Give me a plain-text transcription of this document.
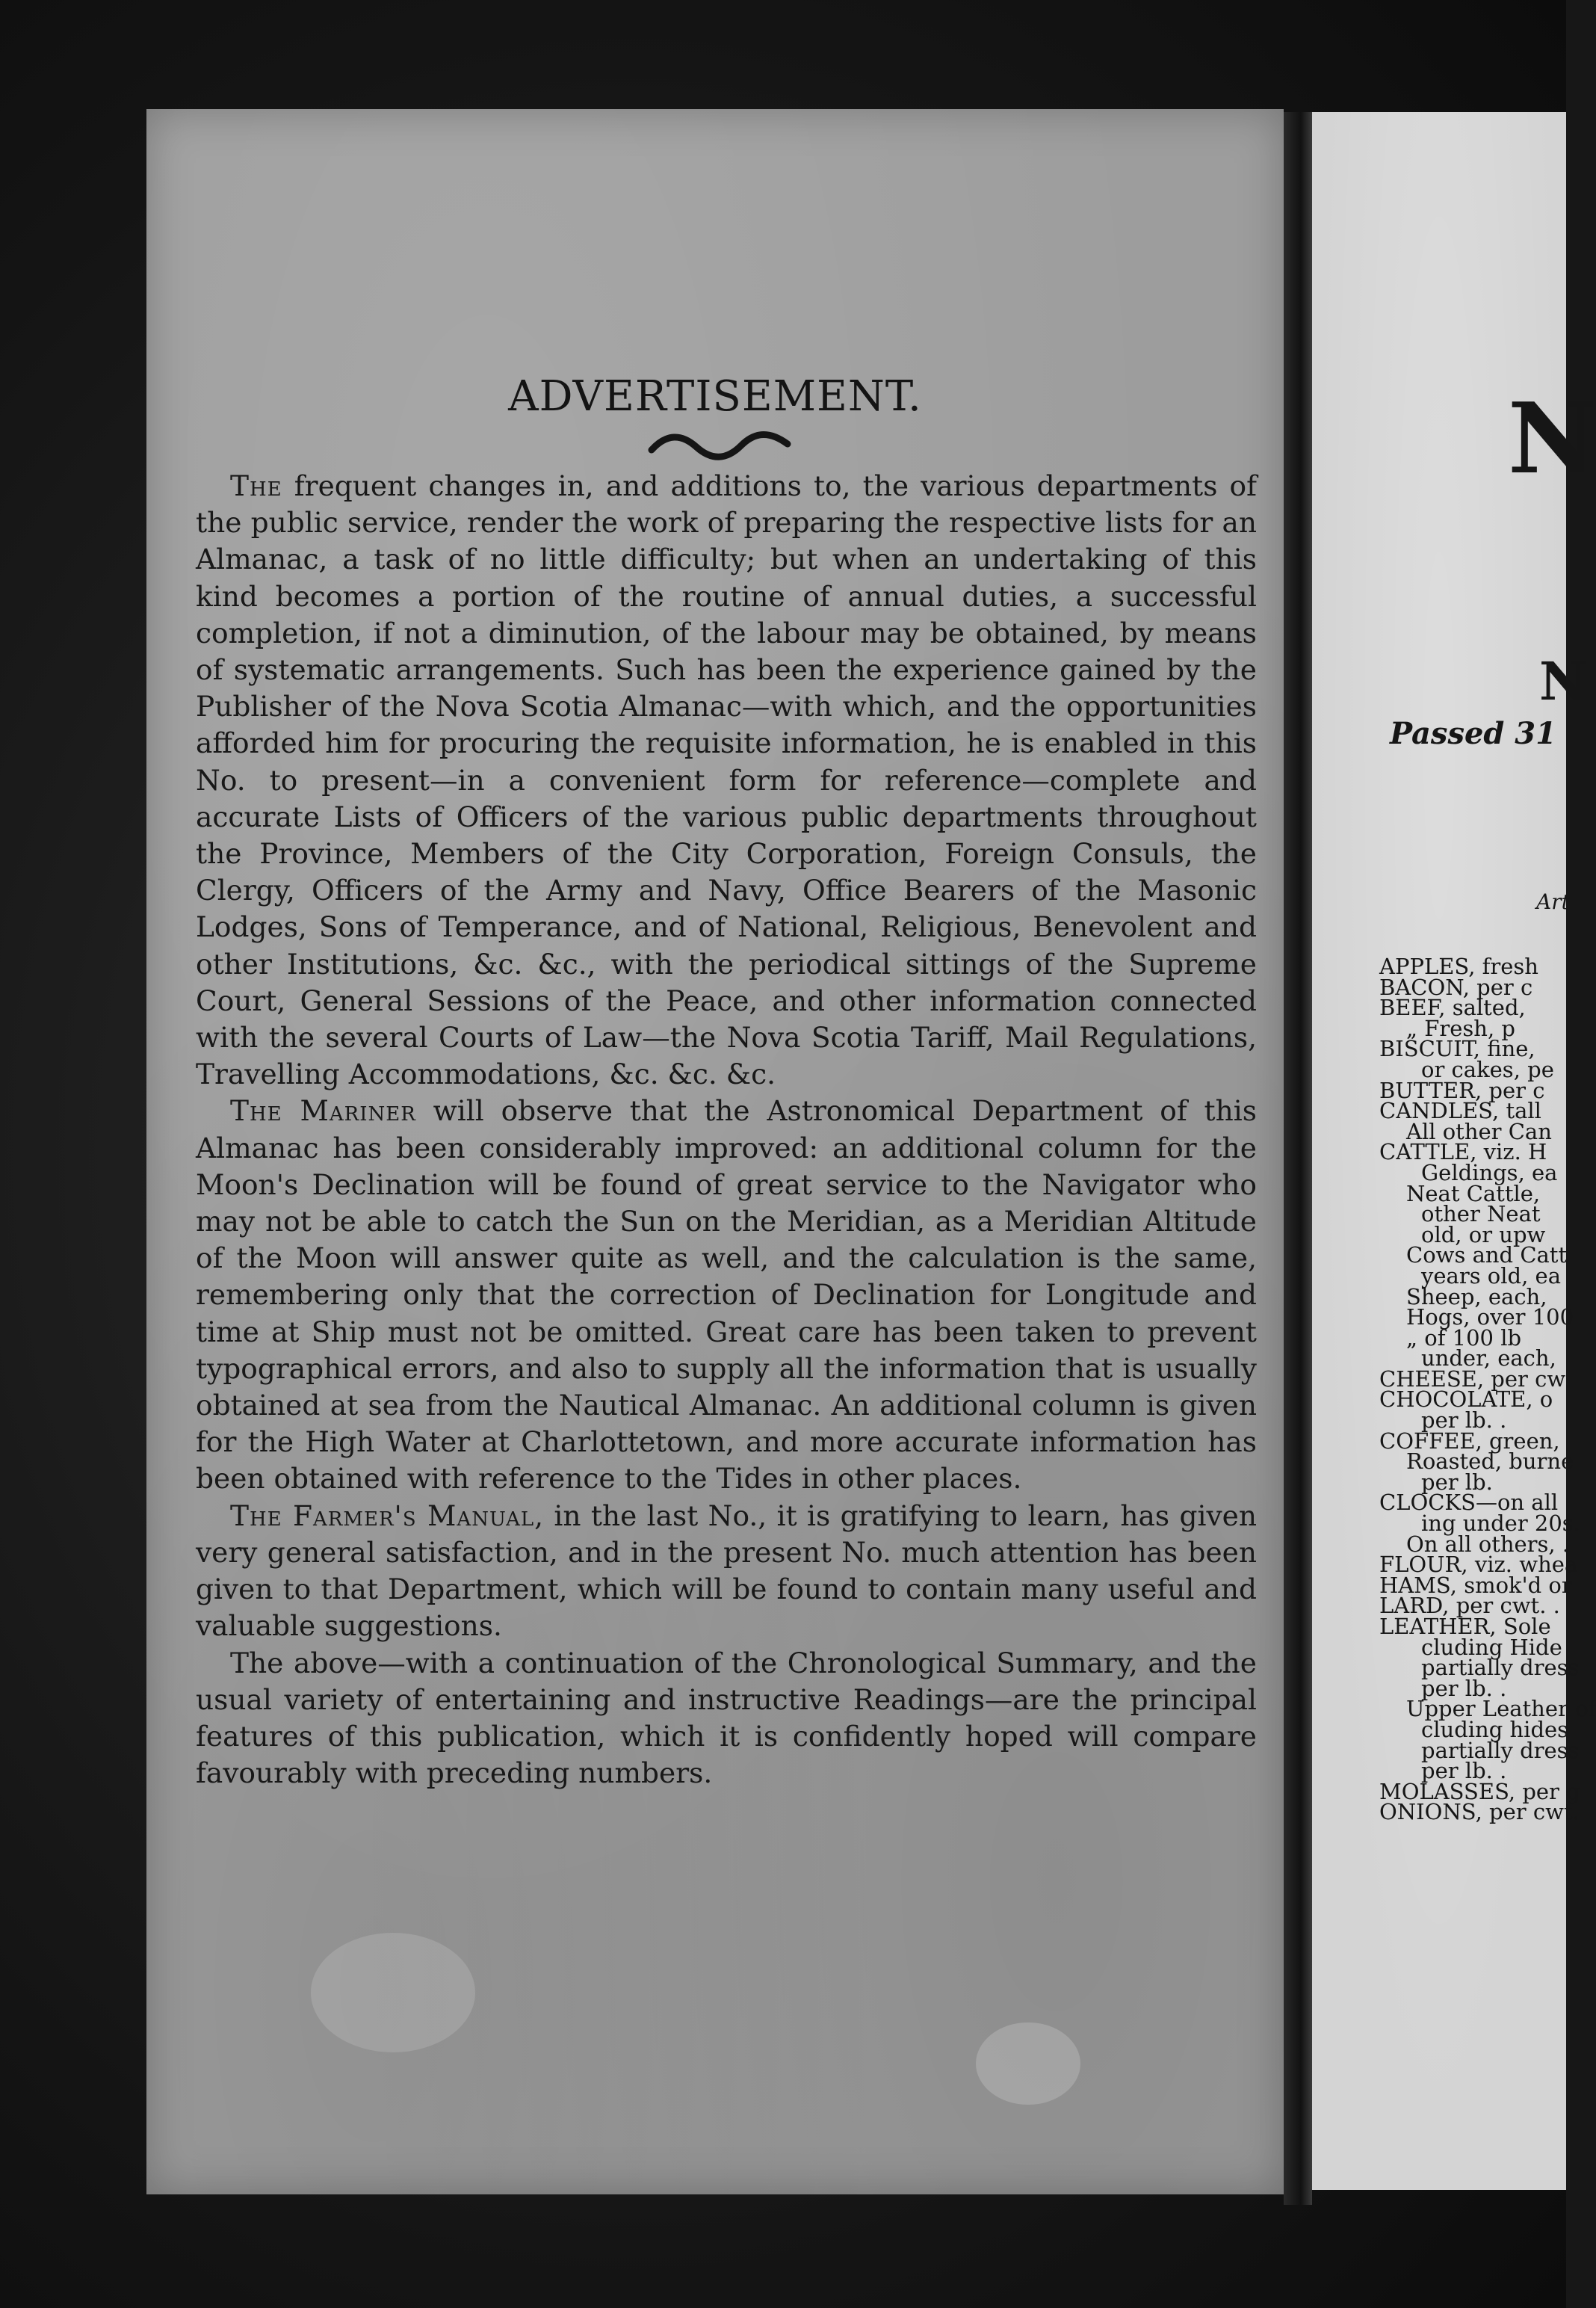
ADVERTISEMENT.

The frequent changes in, and additions to, the various departments of the public service, render the work of preparing the respective lists for an Almanac, a task of no little difficulty; but when an undertaking of this kind becomes a portion of the routine of annual duties, a successful completion, if not a diminution, of the labour may be obtained, by means of systematic arrangements. Such has been the experience gained by the Publisher of the Nova Scotia Almanac—with which, and the opportunities afforded him for procuring the requisite information, he is enabled in this No. to present—in a convenient form for reference—complete and accurate Lists of Officers of the various public departments throughout the Province, Members of the City Corporation, Foreign Consuls, the Clergy, Officers of the Army and Navy, Office Bearers of the Masonic Lodges, Sons of Temperance, and of National, Religious, Benevolent and other Institutions, &c. &c., with the periodical sittings of the Supreme Court, General Sessions of the Peace, and other information connected with the several Courts of Law—the Nova Scotia Tariff, Mail Regulations, Travelling Accommodations, &c. &c. &c.

The Mariner will observe that the Astronomical Department of this Almanac has been considerably improved: an additional column for the Moon's Declination will be found of great service to the Navigator who may not be able to catch the Sun on the Meridian, as a Meridian Altitude of the Moon will answer quite as well, and the calculation is the same, remembering only that the correction of Declination for Longitude and time at Ship must not be omitted. Great care has been taken to prevent typographical errors, and also to supply all the information that is usually obtained at sea from the Nautical Almanac. An additional column is given for the High Water at Charlottetown, and more accurate information has been obtained with reference to the Tides in other places.

The Farmer's Manual, in the last No., it is gratifying to learn, has given very general satisfaction, and in the present No. much attention has been given to that Department, which will be found to contain many useful and valuable suggestions.

The above—with a continuation of the Chronological Summary, and the usual variety of entertaining and instructive Readings—are the principal features of this publication, which it is confidently hoped will compare favourably with preceding numbers.

N
N
Passed 31
Art
APPLES, fresh
BACON, per c
BEEF, salted,
„ Fresh, p
BISCUIT, fine,
or cakes, pe
BUTTER, per c
CANDLES, tall
All other Can
CATTLE, viz. H
Geldings, ea
Neat Cattle,
other Neat
old, or upw
Cows and Catt
years old, ea
Sheep, each,
Hogs, over 100
„ of 100 lb
under, each,
CHEESE, per cw
CHOCOLATE, o
per lb. .
COFFEE, green,
Roasted, burne
per lb.
CLOCKS—on all
ing under 20s.
On all others, .
FLOUR, viz. whea
HAMS, smok'd or
LARD, per cwt. .
LEATHER, Sole
cluding Hide
partially dress
per lb. .
Upper Leather of
cluding hides
partially dress
per lb. .
MOLASSES, per g
ONIONS, per cwt.
